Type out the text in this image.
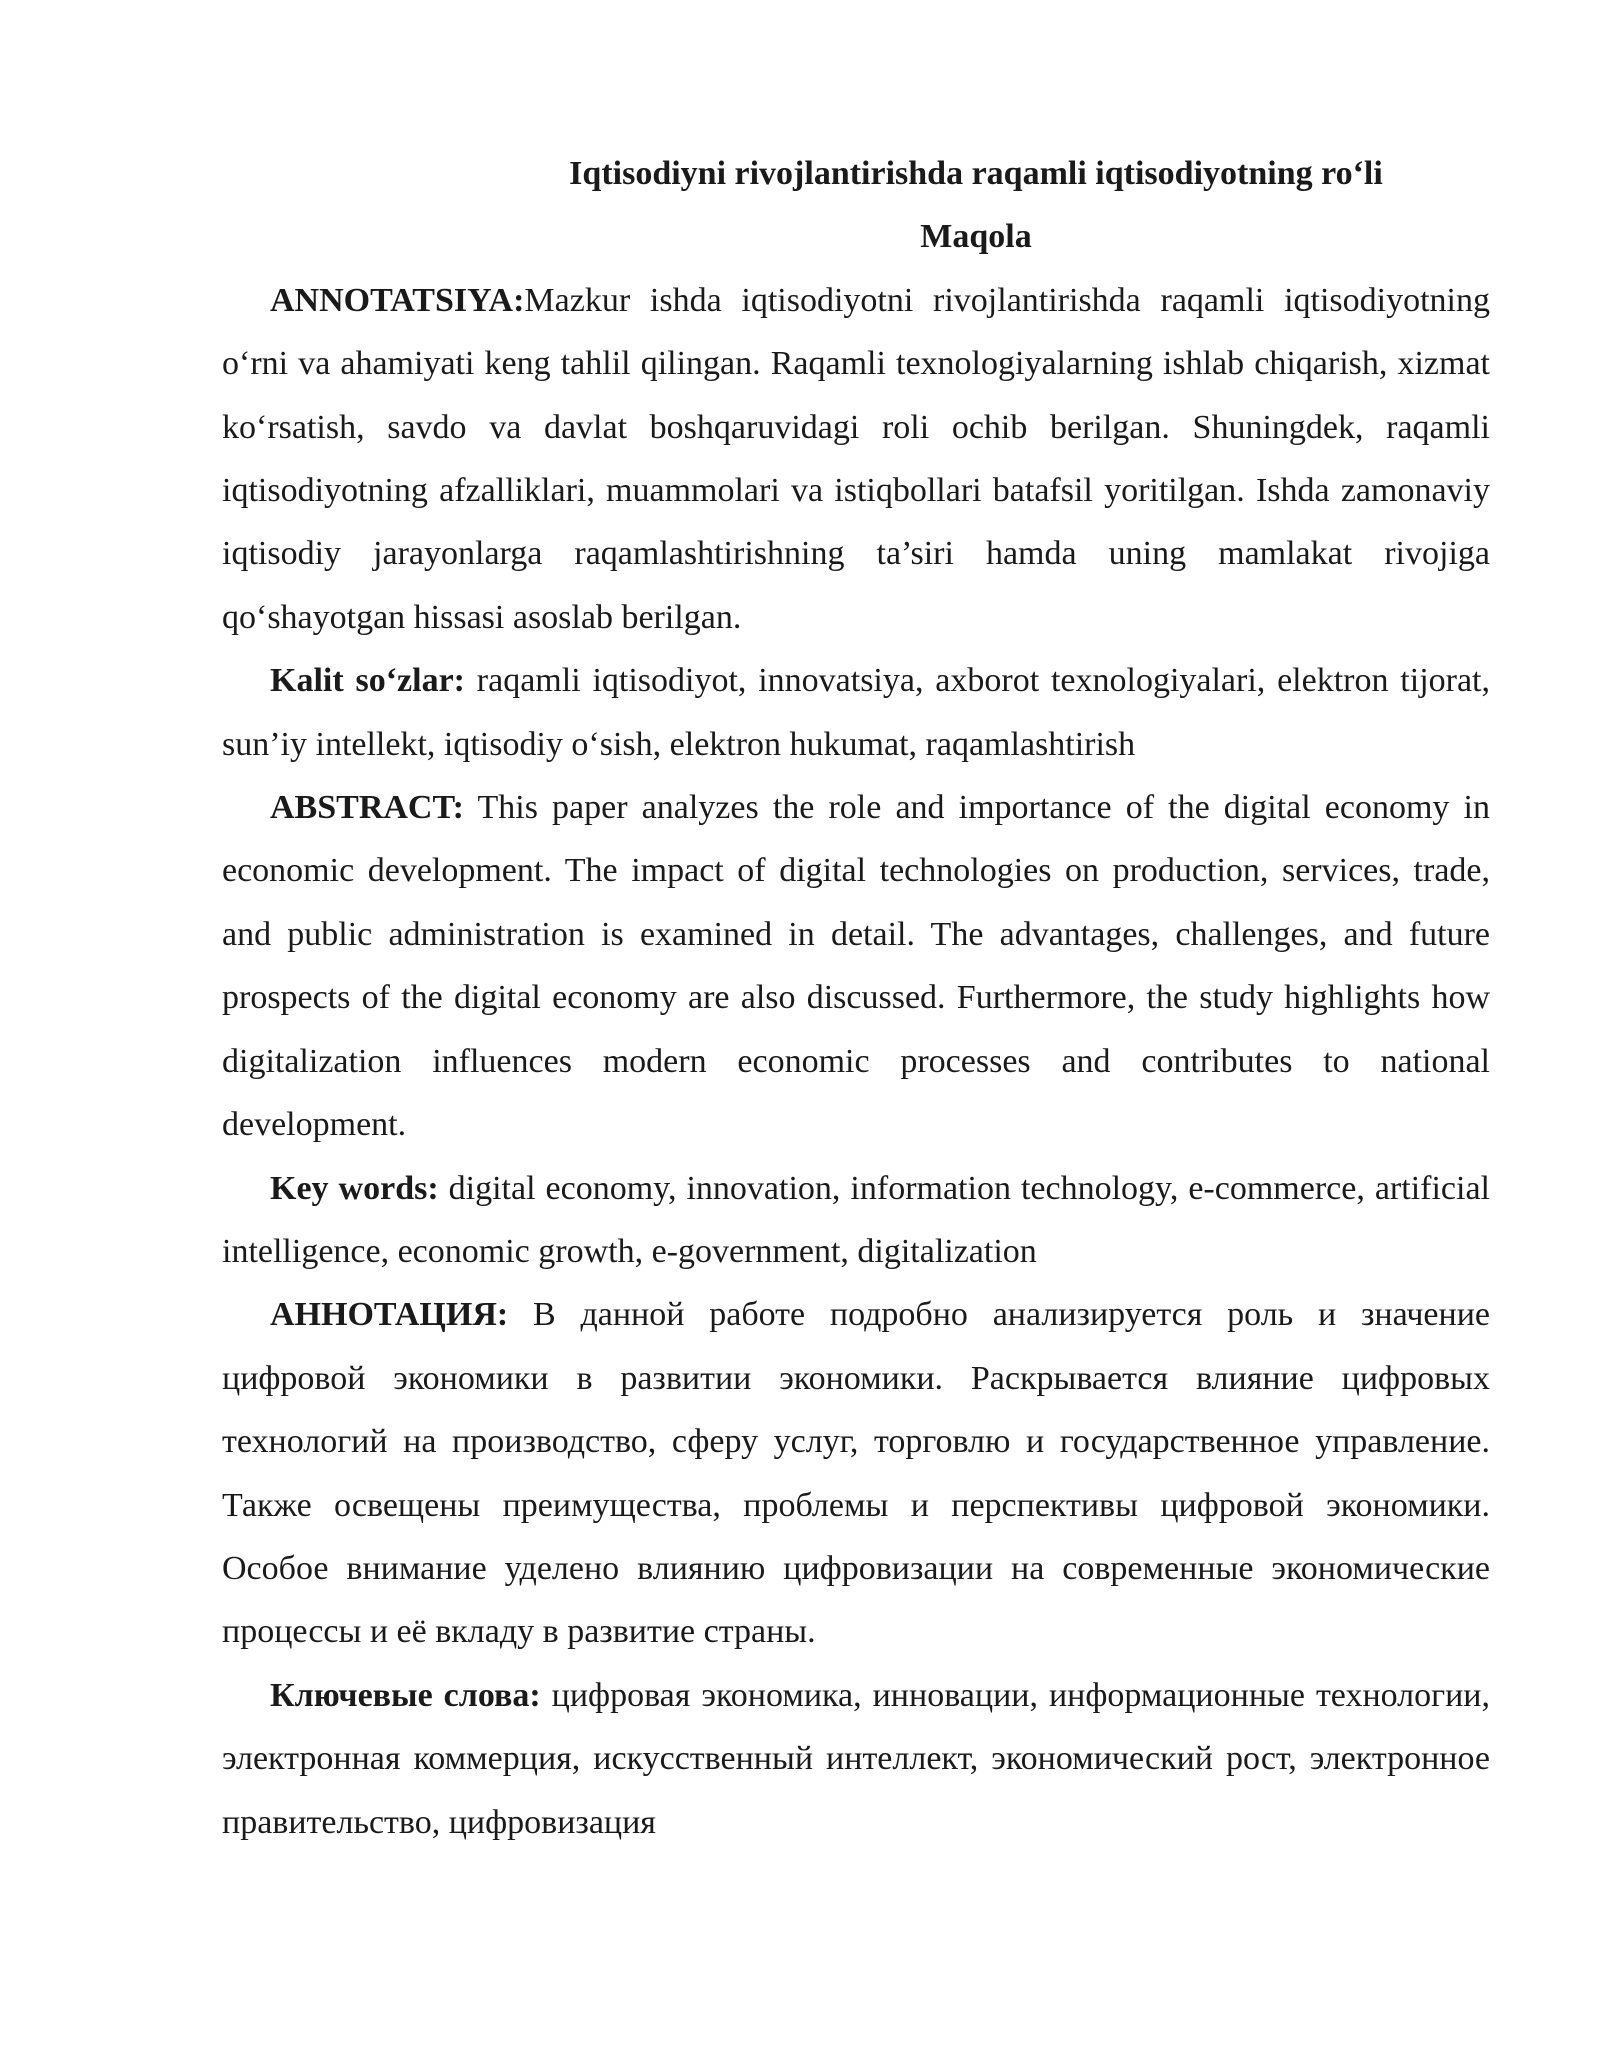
Iqtisodiyni rivojlantirishda raqamli iqtisodiyotning ro‘li

Maqola

ANNOTATSIYA:Mazkur ishda iqtisodiyotni rivojlantirishda raqamli iqtisodiyotning o‘rni va ahamiyati keng tahlil qilingan. Raqamli texnologiyalarning ishlab chiqarish, xizmat ko‘rsatish, savdo va davlat boshqaruvidagi roli ochib berilgan. Shuningdek, raqamli iqtisodiyotning afzalliklari, muammolari va istiqbollari batafsil yoritilgan. Ishda zamonaviy iqtisodiy jarayonlarga raqamlashtirishning ta’siri hamda uning mamlakat rivojiga qo‘shayotgan hissasi asoslab berilgan.

Kalit so‘zlar: raqamli iqtisodiyot, innovatsiya, axborot texnologiyalari, elektron tijorat, sun’iy intellekt, iqtisodiy o‘sish, elektron hukumat, raqamlashtirish

ABSTRACT: This paper analyzes the role and importance of the digital economy in economic development. The impact of digital technologies on production, services, trade, and public administration is examined in detail. The advantages, challenges, and future prospects of the digital economy are also discussed. Furthermore, the study highlights how digitalization influences modern economic processes and contributes to national development.

Key words: digital economy, innovation, information technology, e-commerce, artificial intelligence, economic growth, e-government, digitalization

АННОТАЦИЯ: В данной работе подробно анализируется роль и значение цифровой экономики в развитии экономики. Раскрывается влияние цифровых технологий на производство, сферу услуг, торговлю и государственное управление. Также освещены преимущества, проблемы и перспективы цифровой экономики. Особое внимание уделено влиянию цифровизации на современные экономические процессы и её вкладу в развитие страны.

Ключевые слова: цифровая экономика, инновации, информационные технологии, электронная коммерция, искусственный интеллект, экономический рост, электронное правительство, цифровизация
